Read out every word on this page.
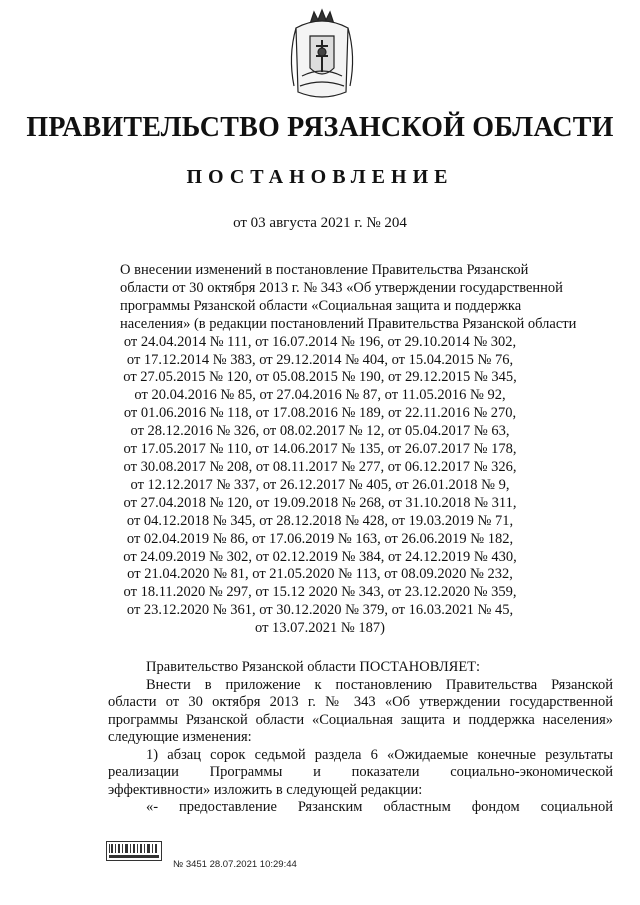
ПРАВИТЕЛЬСТВО РЯЗАНСКОЙ ОБЛАСТИ
ПОСТАНОВЛЕНИЕ
от 03 августа 2021 г. № 204
О внесении изменений в постановление Правительства Рязанской
области от 30 октября 2013 г. № 343 «Об утверждении государственной
программы Рязанской области «Социальная защита и поддержка
населения» (в редакции постановлений Правительства Рязанской области
от 24.04.2014 № 111, от 16.07.2014 № 196, от 29.10.2014 № 302,
от 17.12.2014 № 383, от 29.12.2014 № 404, от 15.04.2015 № 76,
от 27.05.2015 № 120, от 05.08.2015 № 190, от 29.12.2015 № 345,
от 20.04.2016 № 85, от 27.04.2016 № 87, от 11.05.2016 № 92,
от 01.06.2016 № 118, от 17.08.2016 № 189, от 22.11.2016 № 270,
от 28.12.2016 № 326, от 08.02.2017 № 12, от 05.04.2017 № 63,
от 17.05.2017 № 110, от 14.06.2017 № 135, от 26.07.2017 № 178,
от 30.08.2017 № 208, от 08.11.2017 № 277, от 06.12.2017 № 326,
от 12.12.2017 № 337, от 26.12.2017 № 405, от 26.01.2018 № 9,
от 27.04.2018 № 120, от 19.09.2018 № 268, от 31.10.2018 № 311,
от 04.12.2018 № 345, от 28.12.2018 № 428, от 19.03.2019 № 71,
от 02.04.2019 № 86, от 17.06.2019 № 163, от 26.06.2019 № 182,
от 24.09.2019 № 302, от 02.12.2019 № 384, от 24.12.2019 № 430,
от 21.04.2020 № 81, от 21.05.2020 № 113, от 08.09.2020 № 232,
от 18.11.2020 № 297, от 15.12 2020 № 343, от 23.12.2020 № 359,
от 23.12.2020 № 361, от 30.12.2020 № 379, от 16.03.2021 № 45,
от 13.07.2021 № 187)

Правительство Рязанской области ПОСТАНОВЛЯЕТ:

Внести в приложение к постановлению Правительства Рязанской

области от 30 октября 2013 г. № 343 «Об утверждении государственной

программы Рязанской области «Социальная защита и поддержка населения»

следующие изменения:

1) абзац сорок седьмой раздела 6 «Ожидаемые конечные результаты

реализации Программы и показатели социально-экономической

эффективности» изложить в следующей редакции:

«- предоставление Рязанским областным фондом социальной

№ 3451 28.07.2021 10:29:44
